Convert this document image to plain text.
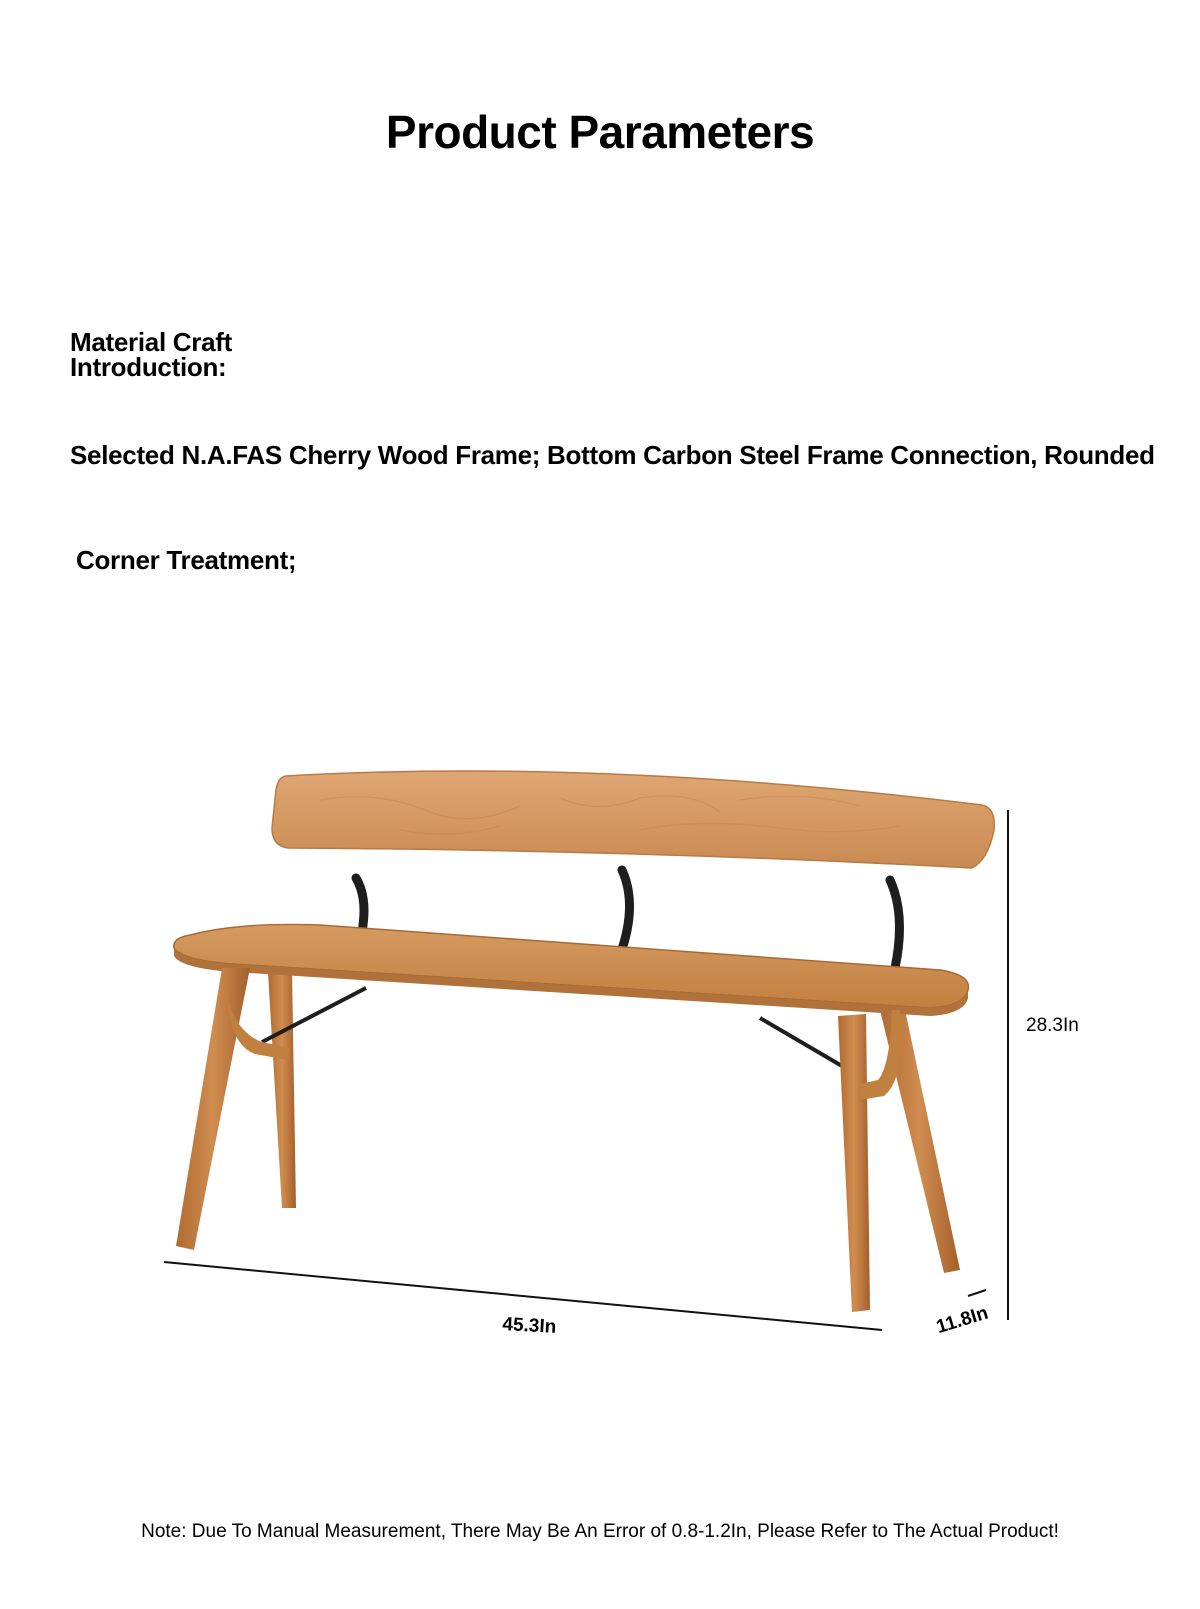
Product Parameters
Material Craft
Introduction:
Selected N.A.FAS Cherry Wood Frame; Bottom Carbon Steel Frame Connection, Rounded
Corner Treatment;
28.3In
45.3In	11.8In
Note: Due To Manual Measurement, There May Be An Error of 0.8-1.2In, Please Refer to The Actual Product!
